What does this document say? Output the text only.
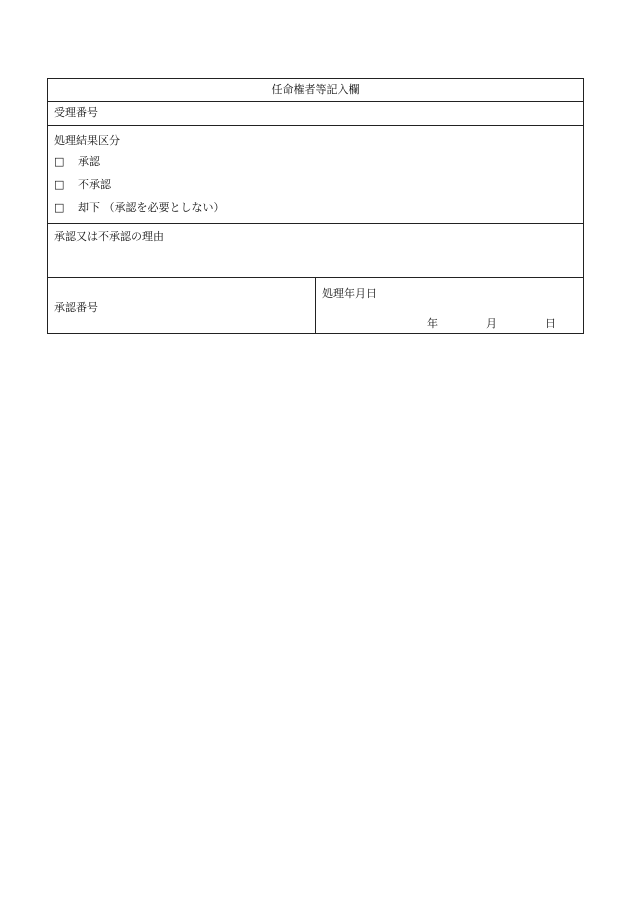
任命権者等記入欄
受理番号
処理結果区分
□ 承認
□ 不承認
□ 却下 （承認を必要としない）
承認又は不承認の理由
承認番号
処理年月日
年	月	日
